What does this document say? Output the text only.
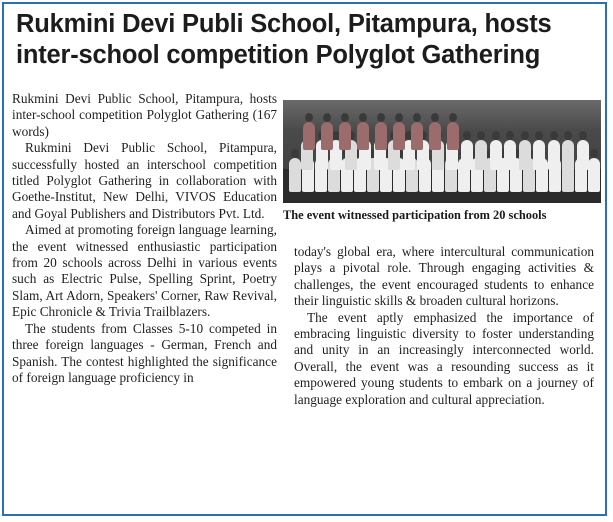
Rukmini Devi Publi School, Pitampura, hosts inter-school competition Polyglot Gathering

Rukmini Devi Public School, Pitampura, hosts inter-school competition Polyglot Gathering (167 words)

Rukmini Devi Public School, Pitampura, successfully hosted an interschool competition titled Polyglot Gathering in collaboration with Goethe-Institut, New Delhi, VIVOS Education and Goyal Publishers and Distributors Pvt. Ltd.

Aimed at promoting foreign language learning, the event witnessed enthusiastic participation from 20 schools across Delhi in various events such as Electric Pulse, Spelling Sprint, Poetry Slam, Art Adorn, Speakers' Corner, Raw Revival, Epic Chronicle & Trivia Trailblazers.

The students from Classes 5-10 competed in three foreign languages - German, French and Spanish. The contest highlighted the significance of foreign language proficiency in

The event witnessed participation from 20 schools

today's global era, where intercultural communication plays a pivotal role. Through engaging activities & challenges, the event encouraged students to enhance their linguistic skills & broaden cultural horizons.

The event aptly emphasized the importance of embracing linguistic diversity to foster understanding and unity in an increasingly interconnected world. Overall, the event was a resounding success as it empowered young students to embark on a journey of language exploration and cultural appreciation.
